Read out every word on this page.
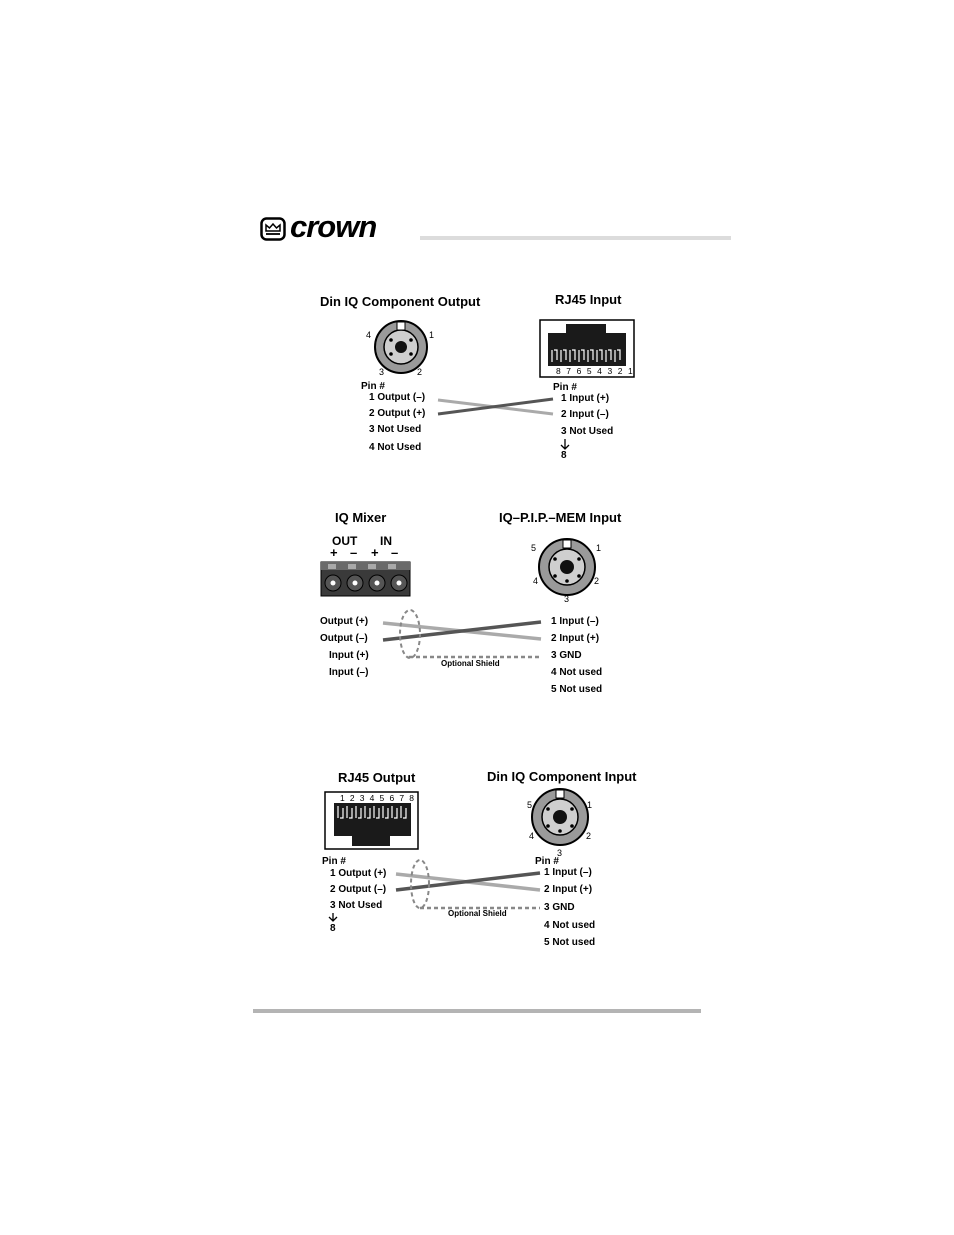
crown
Din IQ Component Output	RJ45 Input
4	1
3	2	8 7 6 5 4 3 2 1
Pin #
1 Output (–)
2 Output (+)
3 Not Used
4 Not Used
Pin #
1 Input (+)
2 Input (–)
3 Not Used
8
IQ Mixer	IQ–P.I.P.–MEM Input
OUT IN
+ – + –	5	1
4	2
3
Output (+)
Output (–)
Input (+)
Input (–)
1 Input (–)
2 Input (+)
3 GND
4 Not used
5 Not used
Optional Shield
RJ45 Output	Din IQ Component Input
1 2 3 4 5 6 7 8
5	1
4	2
3
Pin #
1 Output (+)
2 Output (–)
3 Not Used
8
Pin #
1 Input (–)
2 Input (+)
3 GND
4 Not used
5 Not used
Optional Shield
